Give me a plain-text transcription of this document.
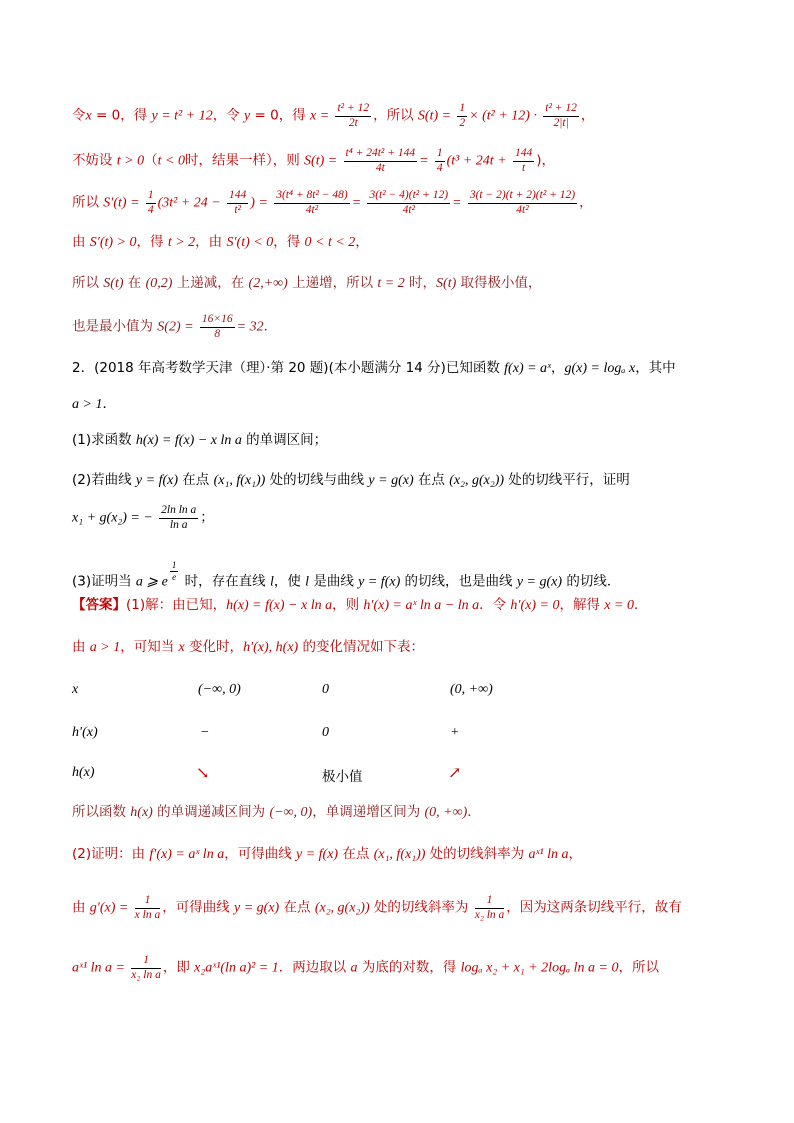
令x = 0，得 y = t² + 12，令 y = 0，得 $x = \frac{\text{t² + 12}}{2t}$ ，所以 $S(t) = \frac{1}{2} \times (t^2 + 12) \cdot \frac{\text{t² + 12}}{2|t|}$ ，
不妨设 t > 0（t < 0时，结果一样），则 $S(t) = \frac{\text{t⁴ + 24t² + 144}}{4t} = \frac{1}{4} (t^3 + 24t + \frac{144}{t}$ )，
所以 $S'(t) = \frac{1}{4} (3t^2 + 24 - \frac{144}{\text{t²}}$ ) = $\frac{\text{3(t⁴ + 8t² − 48)}}{\text{4t²}} = \frac{\text{3(t² − 4)(t² + 12)}}{\text{4t²}} = \frac{\text{3(t − 2)(t + 2)(t² + 12)}}{\text{4t²}}$ ，
由 S′(t) > 0，得 t > 2，由 S′(t) < 0，得 0 < t < 2，
所以 S(t) 在 (0,2) 上递减，在 (2,+∞) 上递增，所以 t = 2 时，S(t) 取得极小值，
也是最小值为 $S(2) = \frac{16\times 16}{8} = 32$．
2．(2018 年高考数学天津（理）·第 20 题)(本小题满分 14 分)已知函数 f(x) = aˣ，g(x) = logₐ x，其中
a > 1．
(1)求函数 h(x) = f(x) − x ln a 的单调区间；
(2)若曲线 y = f(x) 在点 (x₁, f(x₁)) 处的切线与曲线 y = g(x) 在点 (x₂, g(x₂)) 处的切线平行，证明
x₁ + g(x₂) = − $\frac{\text{2ln ln a}}{\text{ln a}}$ ；
(3)证明当 a ⩾ e $\frac{1}{e}$ 时，存在直线 l，使 l 是曲线 y = f(x) 的切线，也是曲线 y = g(x) 的切线．
【答案】(1)解：由已知，h(x) = f(x) − x ln a，则 h′(x) = aˣ ln a − ln a．令 h′(x) = 0，解得 x = 0．
由 a > 1，可知当 x 变化时，h′(x), h(x) 的变化情况如下表：
x	(−∞, 0)	0	(0, +∞)
h′(x)	−	0	+
h(x)	↘	极小值	↗
所以函数 h(x) 的单调递减区间为 (−∞, 0)，单调递增区间为 (0, +∞)．
(2)证明：由 f′(x) = aˣ ln a，可得曲线 y = f(x) 在点 (x₁, f(x₁)) 处的切线斜率为 aˣ¹ ln a，
由 $g'(x) = \frac{1}{\text{x ln a}}$ ，可得曲线 y = g(x) 在点 (x₂, g(x₂)) 处的切线斜率为 $\frac{1}{\text{x₂ ln a}}$ ，因为这两条切线平行，故有
aˣ¹ $\ln a = \frac{1}{\text{x₂ ln a}}$ ，即 x₂aˣ¹(ln a)² = 1．两边取以 a 为底的对数，得 logₐ x₂ + x₁ + 2logₐ ln a = 0，所以
